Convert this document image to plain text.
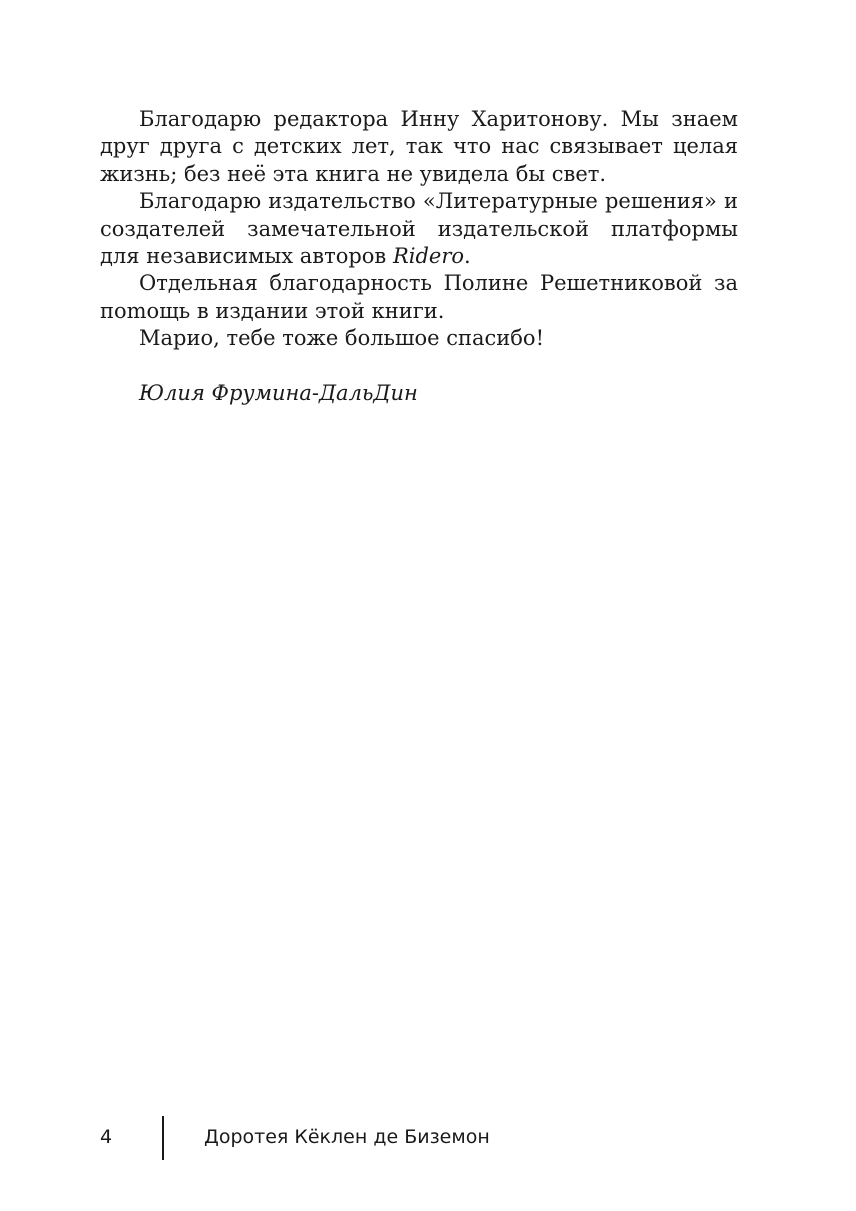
Благодарю редактора Инну Харитонову. Мы знаем друг друга с детских лет, так что нас связывает целая жизнь; без неё эта книга не увидела бы свет.

Благодарю издательство «Литературные решения» и создателей замечательной издательской платформы для независимых авторов Ridero.

Отдельная благодарность Полине Решетниковой за поmощь в издании этой книги.

Марио, тебе тоже большое спасибо!

Юлия Фрумина-ДальДин

4	Доротея Кёклен де Биземон
